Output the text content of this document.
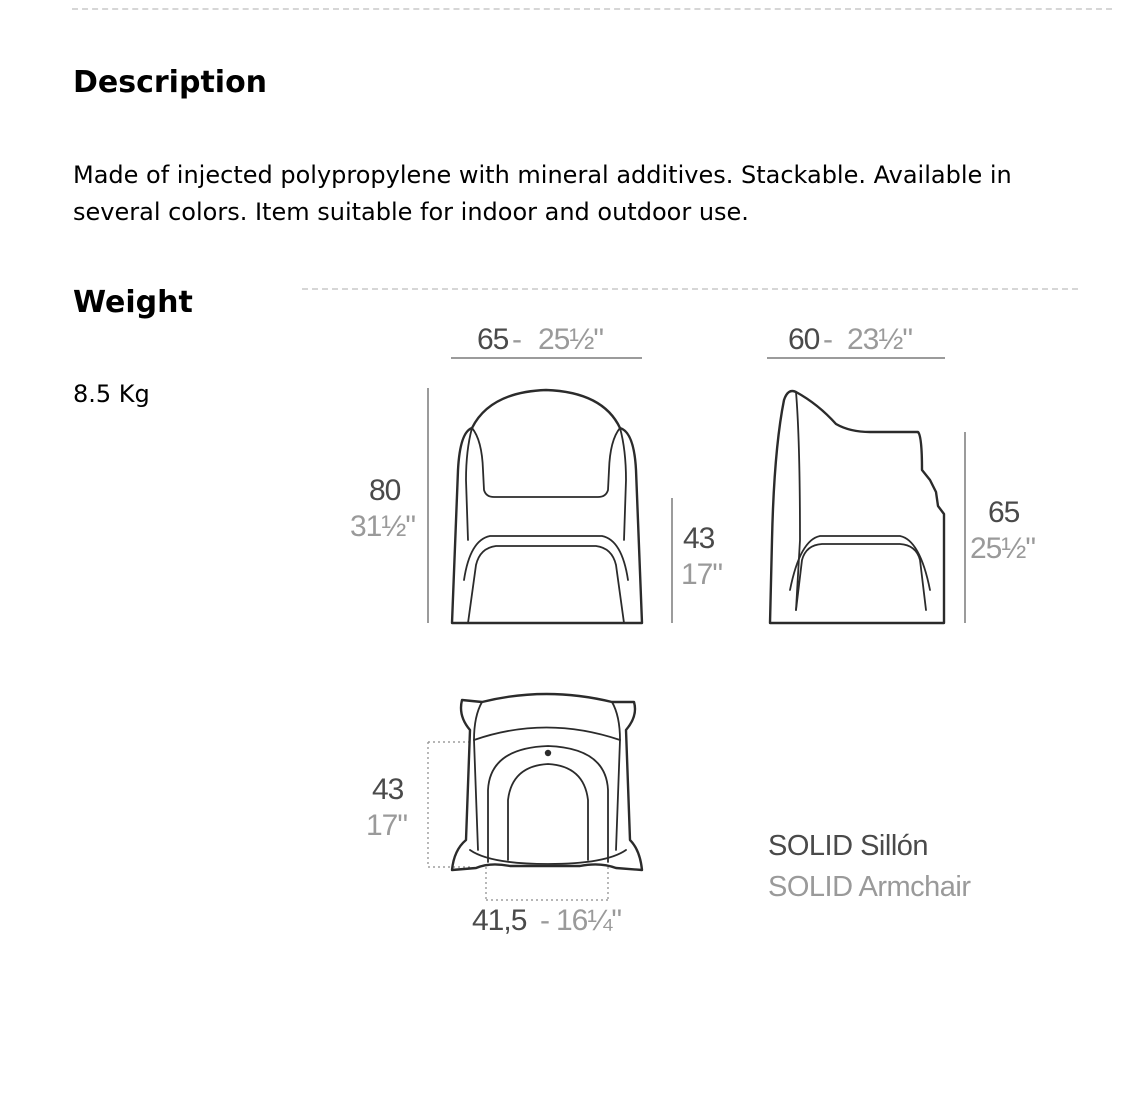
Description

Made of injected polypropylene with mineral additives. Stackable. Available in several colors. Item suitable for indoor and outdoor use.

Weight

8.5 Kg

65 - 25½"
80
31½"	43
17"
60 - 23½"
65
25½"
43
17"
41,5 - 16¼"
SOLID Sillón
SOLID Armchair
